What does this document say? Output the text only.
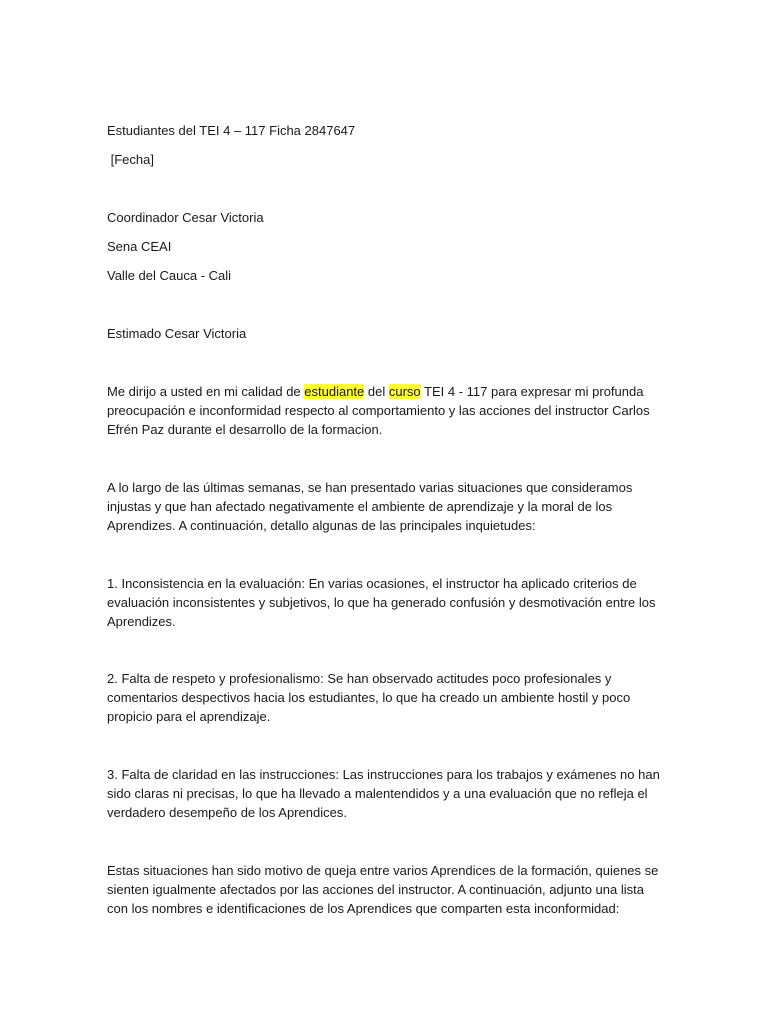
Estudiantes del TEI 4 – 117 Ficha 2847647

[Fecha]

Coordinador Cesar Victoria

Sena CEAI

Valle del Cauca - Cali

Estimado Cesar Victoria

Me dirijo a usted en mi calidad de estudiante del curso TEI 4 - 117 para expresar mi profunda preocupación e inconformidad respecto al comportamiento y las acciones del instructor Carlos Efrén Paz durante el desarrollo de la formacion.

A lo largo de las últimas semanas, se han presentado varias situaciones que consideramos injustas y que han afectado negativamente el ambiente de aprendizaje y la moral de los Aprendizes. A continuación, detallo algunas de las principales inquietudes:

1. Inconsistencia en la evaluación: En varias ocasiones, el instructor ha aplicado criterios de evaluación inconsistentes y subjetivos, lo que ha generado confusión y desmotivación entre los Aprendizes.

2. Falta de respeto y profesionalismo: Se han observado actitudes poco profesionales y comentarios despectivos hacia los estudiantes, lo que ha creado un ambiente hostil y poco propicio para el aprendizaje.

3. Falta de claridad en las instrucciones: Las instrucciones para los trabajos y exámenes no han sido claras ni precisas, lo que ha llevado a malentendidos y a una evaluación que no refleja el verdadero desempeño de los Aprendices.

Estas situaciones han sido motivo de queja entre varios Aprendices de la formación, quienes se sienten igualmente afectados por las acciones del instructor. A continuación, adjunto una lista con los nombres e identificaciones de los Aprendices que comparten esta inconformidad:
